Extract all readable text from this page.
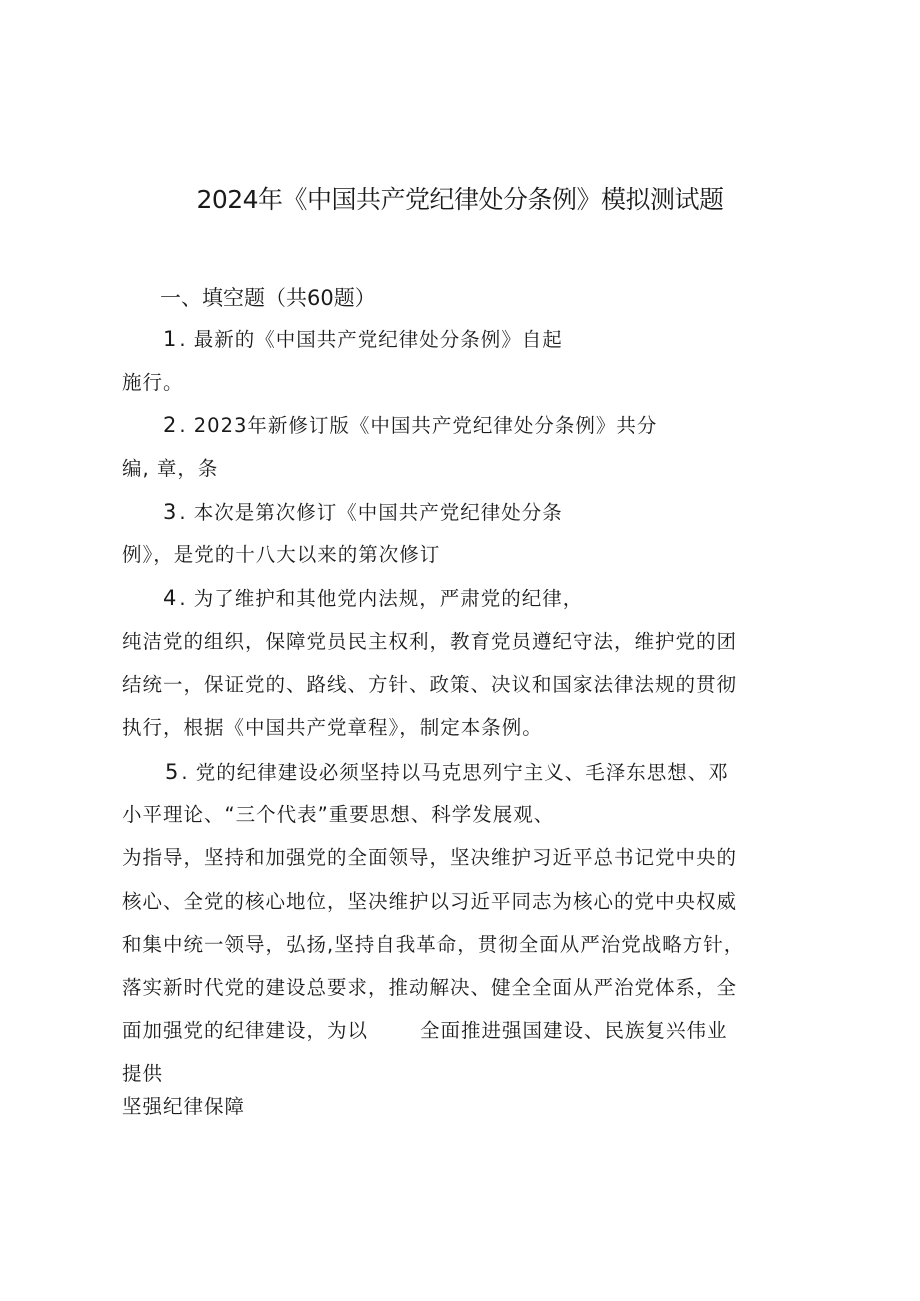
2024年《中国共产党纪律处分条例》模拟测试题
一、填空题（共60题）
1 . 最新的《中国共产党纪律处分条例》自起
施行。
2 . 2023年新修订版《中国共产党纪律处分条例》共分
编, 章，条
3 . 本次是第次修订《中国共产党纪律处分条
例》，是党的十八大以来的第次修订
4 . 为了维护和其他党内法规，严肃党的纪律，
纯洁党的组织，保障党员民主权利，教育党员遵纪守法，维护党的团
结统一，保证党的、路线、方针、政策、决议和国家法律法规的贯彻
执行，根据《中国共产党章程》，制定本条例。
5 . 党的纪律建设必须坚持以马克思列宁主义、毛泽东思想、邓
小平理论、“三个代表”重要思想、科学发展观、
为指导，坚持和加强党的全面领导，坚决维护习近平总书记党中央的
核心、全党的核心地位，坚决维护以习近平同志为核心的党中央权威
和集中统一领导，弘扬,坚持自我革命，贯彻全面从严治党战略方针，
落实新时代党的建设总要求，推动解决、健全全面从严治党体系，全
面加强党的纪律建设，为以	全面推进强国建设、民族复兴伟业
提供
坚强纪律保障
